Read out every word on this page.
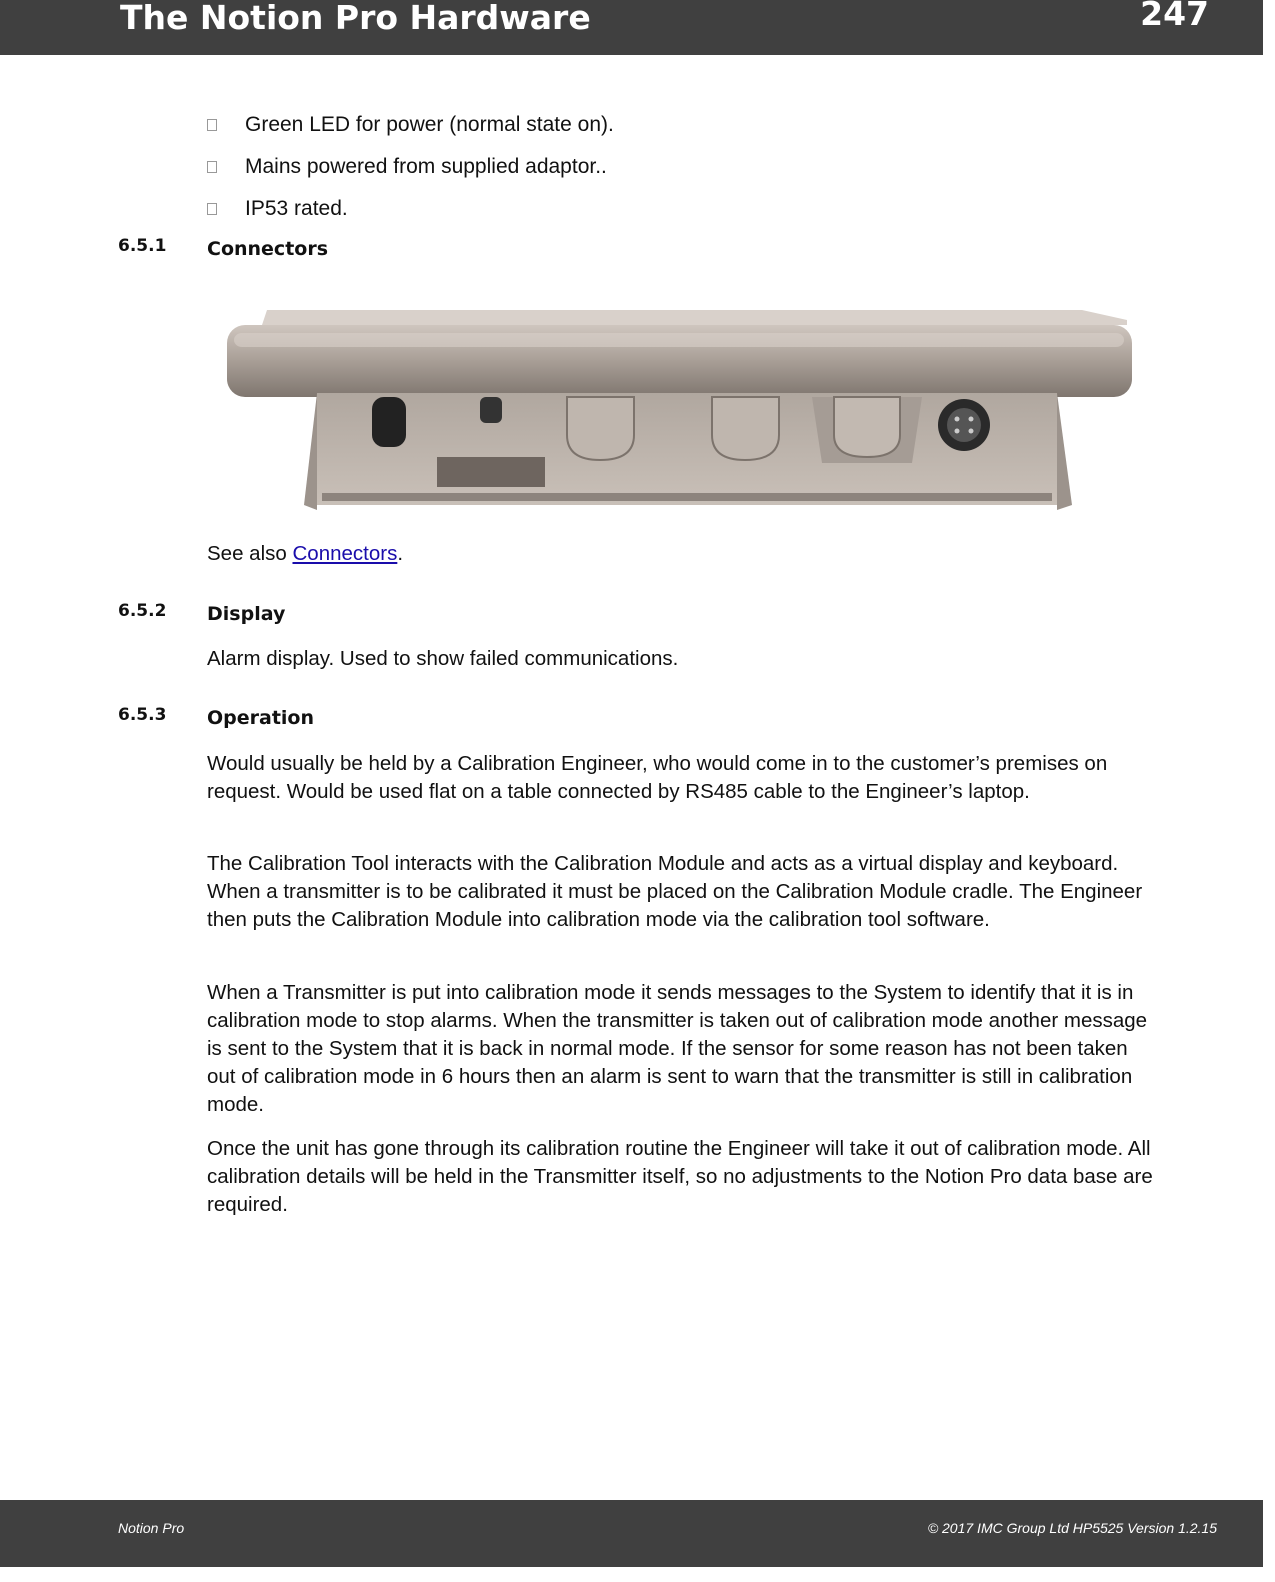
The Notion Pro Hardware	247
Green LED for power (normal state on).
Mains powered from supplied adaptor..
IP53 rated.
6.5.1 Connectors

See also Connectors.

6.5.2 Display

Alarm display. Used to show failed communications.

6.5.3 Operation

Would usually be held by a Calibration Engineer, who would come in to the customer’s premises on request. Would be used flat on a table connected by RS485 cable to the Engineer’s laptop.

The Calibration Tool interacts with the Calibration Module and acts as a virtual display and keyboard. When a transmitter is to be calibrated it must be placed on the Calibration Module cradle. The Engineer then puts the Calibration Module into calibration mode via the calibration tool software.

When a Transmitter is put into calibration mode it sends messages to the System to identify that it is in calibration mode to stop alarms. When the transmitter is taken out of calibration mode another message is sent to the System that it is back in normal mode. If the sensor for some reason has not been taken out of calibration mode in 6 hours then an alarm is sent to warn that the transmitter is still in calibration mode.

Once the unit has gone through its calibration routine the Engineer will take it out of calibration mode. All calibration details will be held in the Transmitter itself, so no adjustments to the Notion Pro data base are required.

Notion Pro	© 2017 IMC Group Ltd HP5525 Version 1.2.15
